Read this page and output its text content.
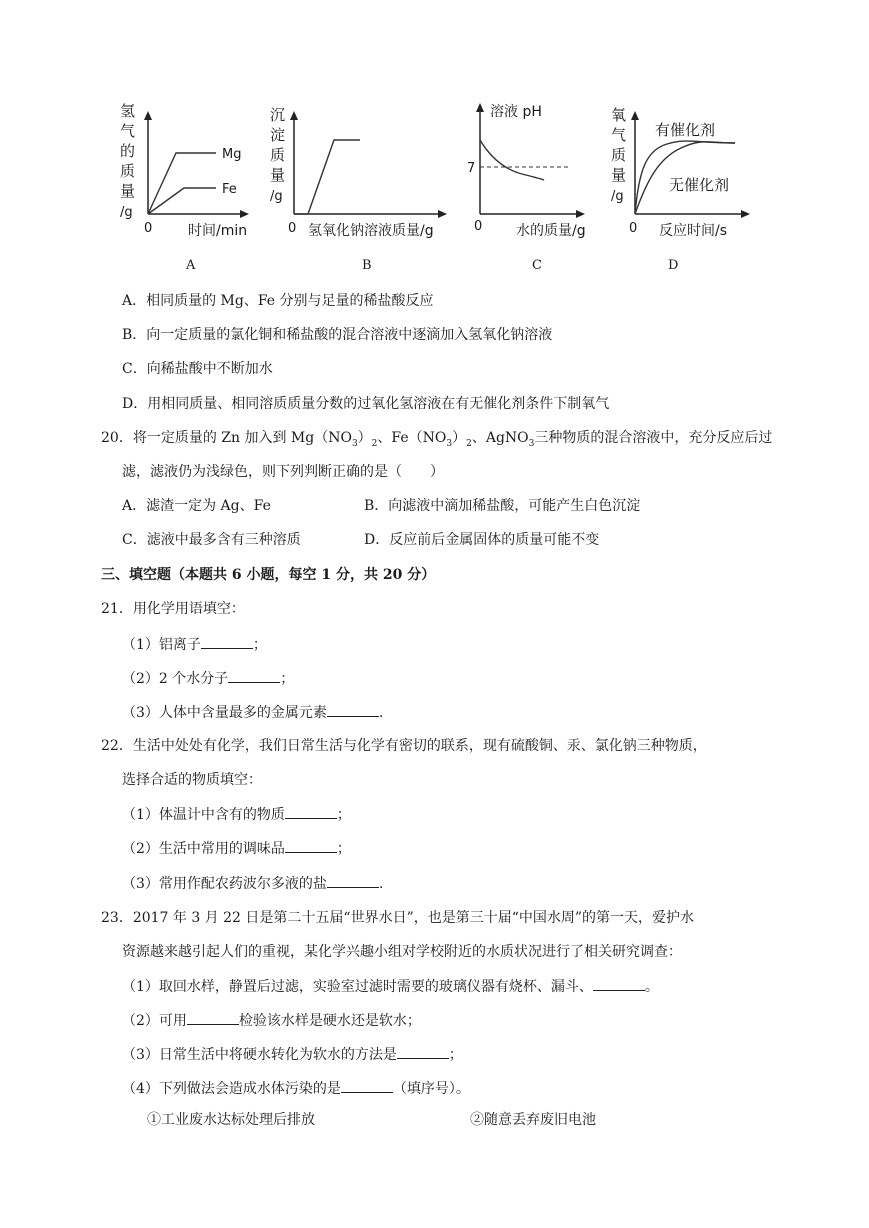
氢
气
的
质
量
/g
Mg
Fe
0	时间/min
沉
淀
质
量
/g
0 氢氧化钠溶液质量/g
溶液 pH
7
0 水的质量/g
氧
气
质
量
/g
有催化剂
无催化剂
0 反应时间/s
A	B	C	D
A．相同质量的 Mg、Fe 分别与足量的稀盐酸反应
B．向一定质量的氯化铜和稀盐酸的混合溶液中逐滴加入氢氧化钠溶液
C．向稀盐酸中不断加水
D．用相同质量、相同溶质质量分数的过氧化氢溶液在有无催化剂条件下制氧气
20．将一定质量的 Zn 加入到 $Mg(NO_3)_2$、$Fe(NO_3)_2$、AgNO$_3$三种物质的混合溶液中，充分反应后过
滤，滤液仍为浅绿色，则下列判断正确的是（　　）
A．滤渣一定为 Ag、Fe	B．向滤液中滴加稀盐酸，可能产生白色沉淀
C．滤液中最多含有三种溶质	D．反应前后金属固体的质量可能不变
三、填空题（本题共 6 小题，每空 1 分，共 20 分）
21．用化学用语填空：
（1）铝离子	；
（2）2 个水分子	；
（3）人体中含量最多的金属元素	.
22．生活中处处有化学，我们日常生活与化学有密切的联系，现有硫酸铜、汞、氯化钠三种物质，
选择合适的物质填空：
（1）体温计中含有的物质	；
（2）生活中常用的调味品	；
（3）常用作配农药波尔多液的盐	.
23．2017 年 3 月 22 日是第二十五届“世界水日”，也是第三十届“中国水周”的第一天，爱护水
资源越来越引起人们的重视，某化学兴趣小组对学校附近的水质状况进行了相关研究调查：
（1）取回水样，静置后过滤，实验室过滤时需要的玻璃仪器有烧杯、漏斗、	。
（2）可用	检验该水样是硬水还是软水；
（3）日常生活中将硬水转化为软水的方法是	；
（4）下列做法会造成水体污染的是	（填序号）。
①工业废水达标处理后排放	②随意丢弃废旧电池
